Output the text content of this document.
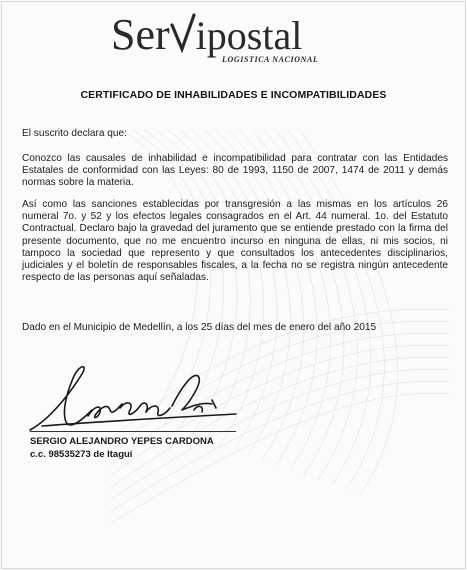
Ser ipostal
LOGISTICA NACIONAL
CERTIFICADO DE INHABILIDADES E INCOMPATIBILIDADES
El suscrito declara que:
Conozco las causales de inhabilidad e incompatibilidad para contratar con las Entidades Estatales de conformidad con las Leyes: 80 de 1993, 1150 de 2007, 1474 de 2011 y demás normas sobre la materia.
Así como las sanciones establecidas por transgresión a las mismas en los artículos 26 numeral 7o. y 52 y los efectos legales consagrados en el Art. 44 numeral. 1o. del Estatuto Contractual. Declaro bajo la gravedad del juramento que se entiende prestado con la firma del presente documento, que no me encuentro incurso en ninguna de ellas, ni mis socios, ni tampoco la sociedad que represento y que consultados los antecedentes disciplinarios, judiciales y el boletín de responsables fiscales, a la fecha no se registra ningún antecedente respecto de las personas aquí señaladas.
Dado en el Municipio de Medellín, a los 25 días del mes de enero del año 2015
SERGIO ALEJANDRO YEPES CARDONA
c.c. 98535273 de Itaguí
